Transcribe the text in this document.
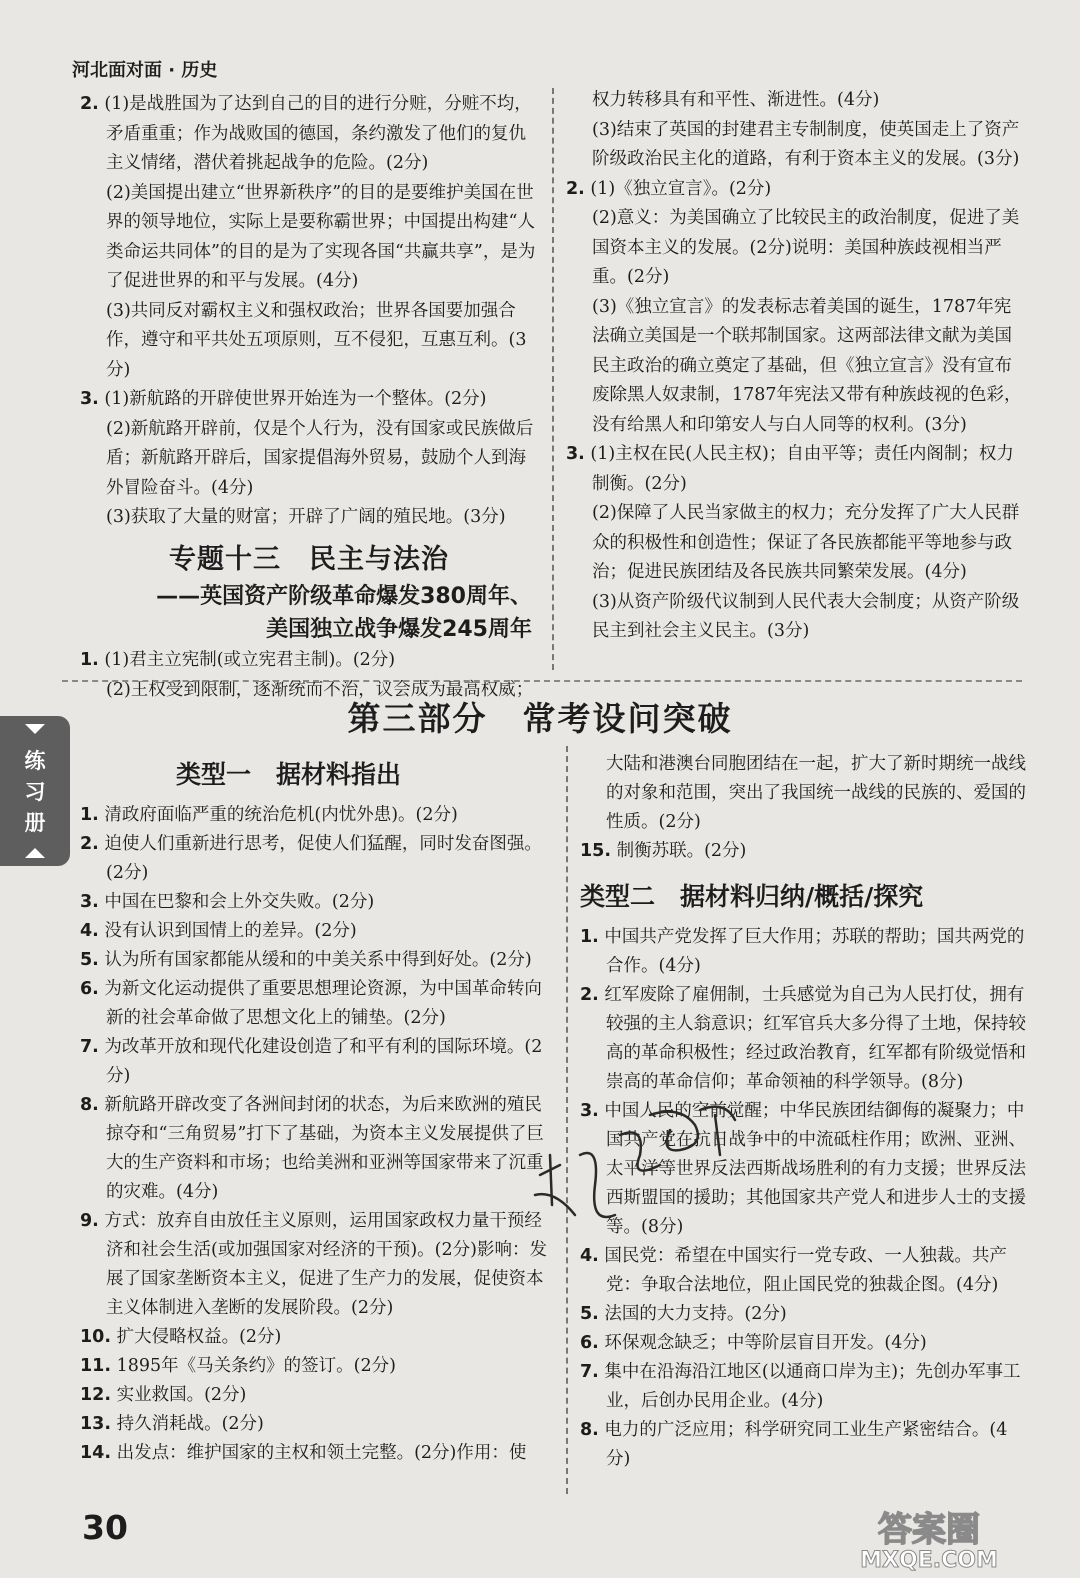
河北面对面 · 历史

2. (1)是战胜国为了达到自己的目的进行分赃，分赃不均，矛盾重重；作为战败国的德国，条约激发了他们的复仇主义情绪，潜伏着挑起战争的危险。(2分)

(2)美国提出建立“世界新秩序”的目的是要维护美国在世界的领导地位，实际上是要称霸世界；中国提出构建“人类命运共同体”的目的是为了实现各国“共赢共享”，是为了促进世界的和平与发展。(4分)

(3)共同反对霸权主义和强权政治；世界各国要加强合作，遵守和平共处五项原则，互不侵犯，互惠互利。(3分)

3. (1)新航路的开辟使世界开始连为一个整体。(2分)

(2)新航路开辟前，仅是个人行为，没有国家或民族做后盾；新航路开辟后，国家提倡海外贸易，鼓励个人到海外冒险奋斗。(4分)

(3)获取了大量的财富；开辟了广阔的殖民地。(3分)

专题十三　民主与法治
——英国资产阶级革命爆发380周年、
美国独立战争爆发245周年

1. (1)君主立宪制(或立宪君主制)。(2分)

(2)王权受到限制，逐渐统而不治，议会成为最高权威；

权力转移具有和平性、渐进性。(4分)

(3)结束了英国的封建君主专制制度，使英国走上了资产阶级政治民主化的道路，有利于资本主义的发展。(3分)

2. (1)《独立宣言》。(2分)

(2)意义：为美国确立了比较民主的政治制度，促进了美国资本主义的发展。(2分)说明：美国种族歧视相当严重。(2分)

(3)《独立宣言》的发表标志着美国的诞生，1787年宪法确立美国是一个联邦制国家。这两部法律文献为美国民主政治的确立奠定了基础，但《独立宣言》没有宣布废除黑人奴隶制，1787年宪法又带有种族歧视的色彩，没有给黑人和印第安人与白人同等的权利。(3分)

3. (1)主权在民(人民主权)；自由平等；责任内阁制；权力制衡。(2分)

(2)保障了人民当家做主的权力；充分发挥了广大人民群众的积极性和创造性；保证了各民族都能平等地参与政治；促进民族团结及各民族共同繁荣发展。(4分)

(3)从资产阶级代议制到人民代表大会制度；从资产阶级民主到社会主义民主。(3分)

第三部分　常考设问突破
练习册
类型一　据材料指出

1. 清政府面临严重的统治危机(内忧外患)。(2分)

2. 迫使人们重新进行思考，促使人们猛醒，同时发奋图强。(2分)

3. 中国在巴黎和会上外交失败。(2分)

4. 没有认识到国情上的差异。(2分)

5. 认为所有国家都能从缓和的中美关系中得到好处。(2分)

6. 为新文化运动提供了重要思想理论资源，为中国革命转向新的社会革命做了思想文化上的铺垫。(2分)

7. 为改革开放和现代化建设创造了和平有利的国际环境。(2分)

8. 新航路开辟改变了各洲间封闭的状态，为后来欧洲的殖民掠夺和“三角贸易”打下了基础，为资本主义发展提供了巨大的生产资料和市场；也给美洲和亚洲等国家带来了沉重的灾难。(4分)

9. 方式：放弃自由放任主义原则，运用国家政权力量干预经济和社会生活(或加强国家对经济的干预)。(2分)影响：发展了国家垄断资本主义，促进了生产力的发展，促使资本主义体制进入垄断的发展阶段。(2分)

10. 扩大侵略权益。(2分)

11. 1895年《马关条约》的签订。(2分)

12. 实业救国。(2分)

13. 持久消耗战。(2分)

14. 出发点：维护国家的主权和领土完整。(2分)作用：使

大陆和港澳台同胞团结在一起，扩大了新时期统一战线的对象和范围，突出了我国统一战线的民族的、爱国的性质。(2分)

15. 制衡苏联。(2分)

类型二　据材料归纳/概括/探究

1. 中国共产党发挥了巨大作用；苏联的帮助；国共两党的合作。(4分)

2. 红军废除了雇佣制，士兵感觉为自己为人民打仗，拥有较强的主人翁意识；红军官兵大多分得了土地，保持较高的革命积极性；经过政治教育，红军都有阶级觉悟和崇高的革命信仰；革命领袖的科学领导。(8分)

3. 中国人民的空前觉醒；中华民族团结御侮的凝聚力；中国共产党在抗日战争中的中流砥柱作用；欧洲、亚洲、太平洋等世界反法西斯战场胜利的有力支援；世界反法西斯盟国的援助；其他国家共产党人和进步人士的支援等。(8分)

4. 国民党：希望在中国实行一党专政、一人独裁。共产党：争取合法地位，阻止国民党的独裁企图。(4分)

5. 法国的大力支持。(2分)

6. 环保观念缺乏；中等阶层盲目开发。(4分)

7. 集中在沿海沿江地区(以通商口岸为主)；先创办军事工业，后创办民用企业。(4分)

8. 电力的广泛应用；科学研究同工业生产紧密结合。(4分)

30	答案圈
MXQE.COM
